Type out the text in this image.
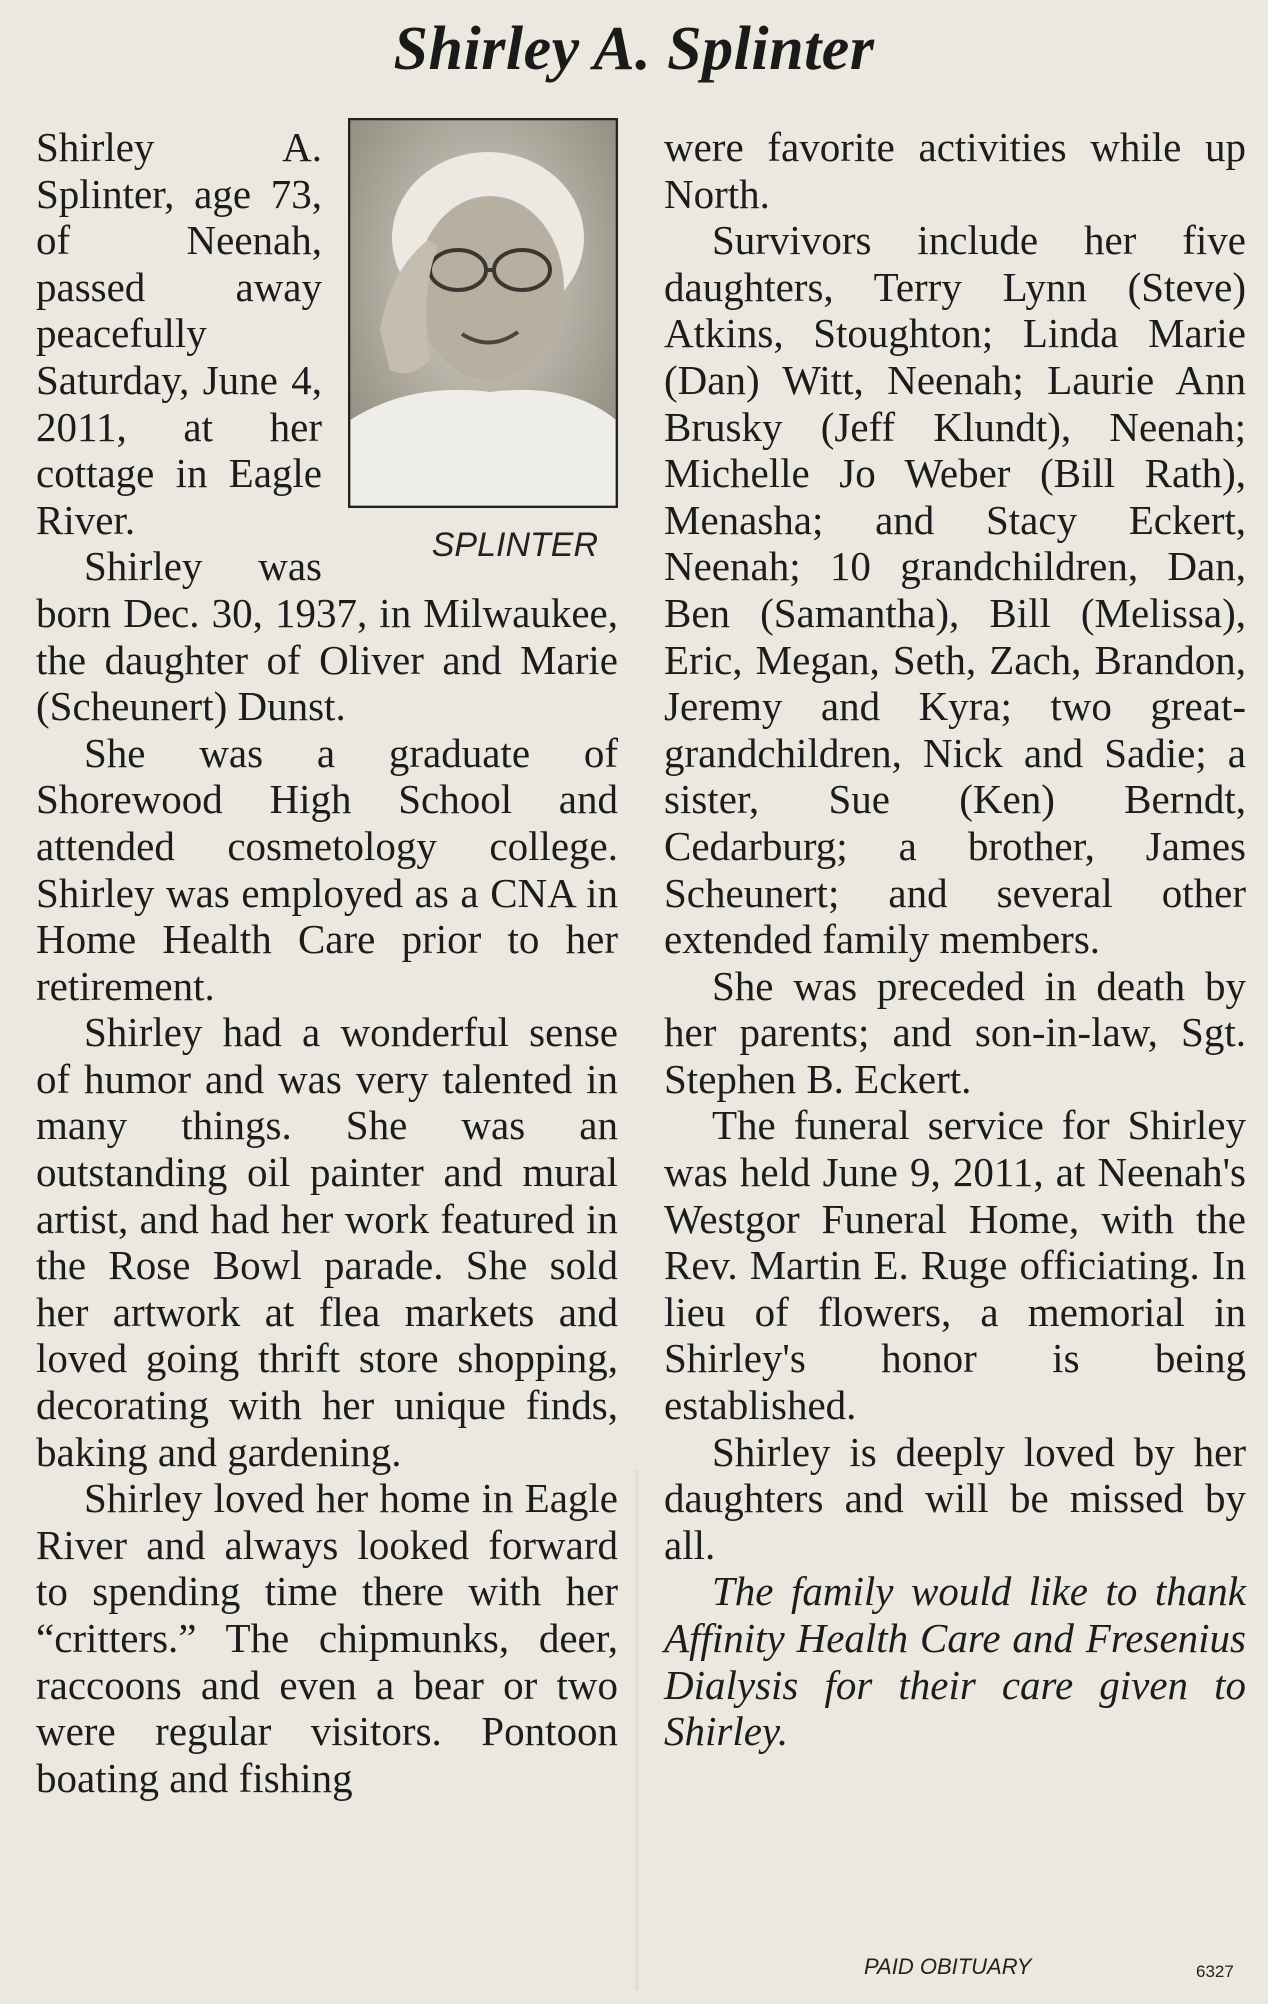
Shirley A. Splinter
SPLINTER

Shirley A. Splinter, age 73, of Neenah, passed away peacefully Saturday, June 4, 2011, at her cottage in Eagle River.

Shirley was born Dec. 30, 1937, in Milwaukee, the daughter of Oliver and Marie (Scheunert) Dunst.

She was a graduate of Shorewood High School and attended cosmetology college. Shirley was employed as a CNA in Home Health Care prior to her retirement.

Shirley had a wonderful sense of humor and was very talented in many things. She was an outstanding oil painter and mural artist, and had her work featured in the Rose Bowl parade. She sold her artwork at flea markets and loved going thrift store shopping, decorating with her unique finds, baking and gardening.

Shirley loved her home in Eagle River and always looked forward to spending time there with her “critters.” The chipmunks, deer, raccoons and even a bear or two were regular visitors. Pontoon boating and fishing

were favorite activities while up North.

Survivors include her five daughters, Terry Lynn (Steve) Atkins, Stoughton; Linda Marie (Dan) Witt, Neenah; Laurie Ann Brusky (Jeff Klundt), Neenah; Michelle Jo Weber (Bill Rath), Menasha; and Stacy Eckert, Neenah; 10 grandchildren, Dan, Ben (Samantha), Bill (Melissa), Eric, Megan, Seth, Zach, Brandon, Jeremy and Kyra; two great-grandchildren, Nick and Sadie; a sister, Sue (Ken) Berndt, Cedarburg; a brother, James Scheunert; and several other extended family members.

She was preceded in death by her parents; and son-in-law, Sgt. Stephen B. Eckert.

The funeral service for Shirley was held June 9, 2011, at Neenah's Westgor Funeral Home, with the Rev. Martin E. Ruge officiating. In lieu of flowers, a memorial in Shirley's honor is being established.

Shirley is deeply loved by her daughters and will be missed by all.

The family would like to thank Affinity Health Care and Fresenius Dialysis for their care given to Shirley.

PAID OBITUARY	6327
